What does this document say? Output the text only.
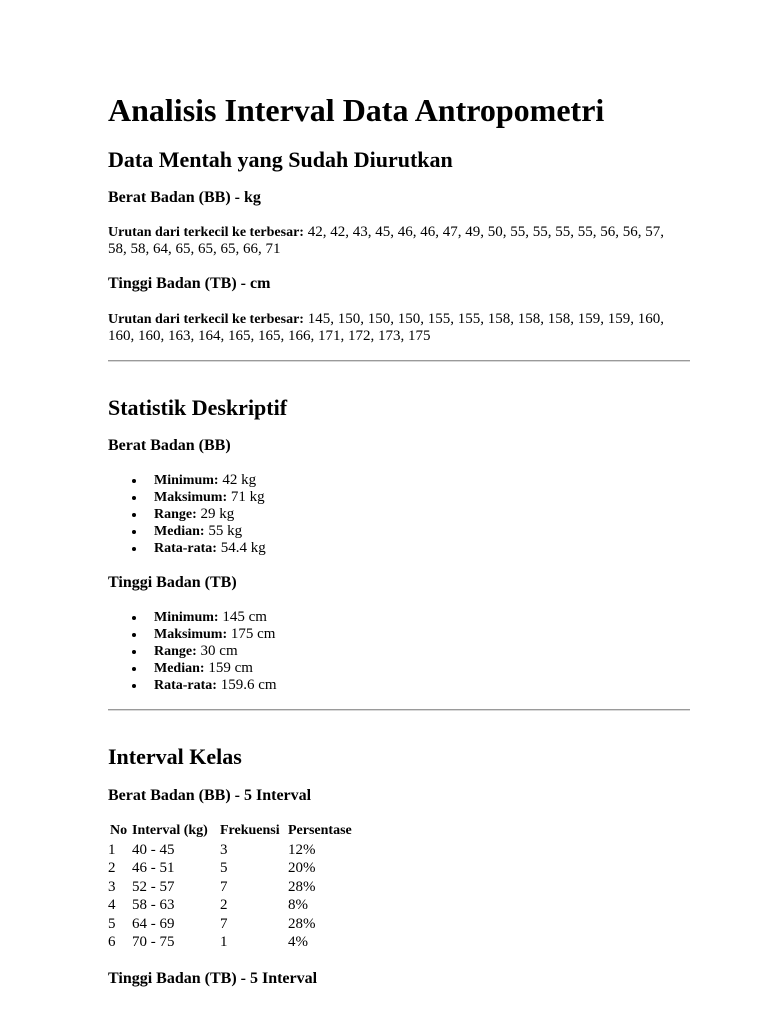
Analisis Interval Data Antropometri
Data Mentah yang Sudah Diurutkan
Berat Badan (BB) - kg

Urutan dari terkecil ke terbesar: 42, 42, 43, 45, 46, 46, 47, 49, 50, 55, 55, 55, 55, 56, 56, 57, 58, 58, 64, 65, 65, 65, 66, 71

Tinggi Badan (TB) - cm

Urutan dari terkecil ke terbesar: 145, 150, 150, 150, 155, 155, 158, 158, 158, 159, 159, 160, 160, 160, 163, 164, 165, 165, 166, 171, 172, 173, 175

Statistik Deskriptif
Berat Badan (BB)
Minimum: 42 kg
Maksimum: 71 kg
Range: 29 kg
Median: 55 kg
Rata-rata: 54.4 kg
Tinggi Badan (TB)
Minimum: 145 cm
Maksimum: 175 cm
Range: 30 cm
Median: 159 cm
Rata-rata: 159.6 cm
Interval Kelas
Berat Badan (BB) - 5 Interval
No	Interval (kg)	Frekuensi	Persentase
1	40 - 45	3	12%
2	46 - 51	5	20%
3	52 - 57	7	28%
4	58 - 63	2	8%
5	64 - 69	7	28%
6	70 - 75	1	4%
Tinggi Badan (TB) - 5 Interval
